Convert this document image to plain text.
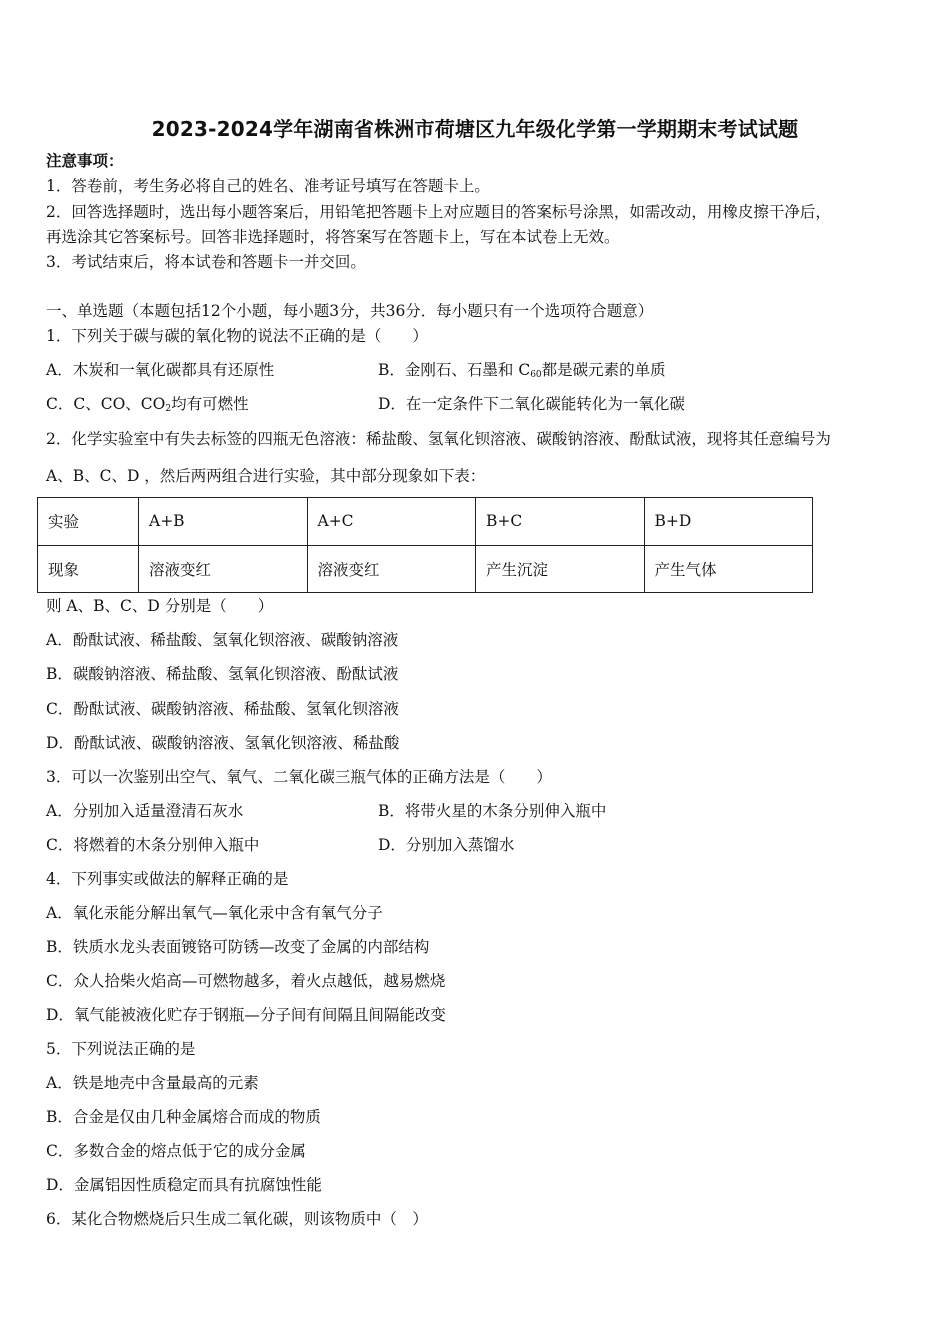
2023-2024学年湖南省株洲市荷塘区九年级化学第一学期期末考试试题
注意事项：
1．答卷前，考生务必将自己的姓名、准考证号填写在答题卡上。
2．回答选择题时，选出每小题答案后，用铅笔把答题卡上对应题目的答案标号涂黑，如需改动，用橡皮擦干净后，
再选涂其它答案标号。回答非选择题时，将答案写在答题卡上，写在本试卷上无效。
3．考试结束后，将本试卷和答题卡一并交回。
一、单选题（本题包括12个小题，每小题3分，共36分．每小题只有一个选项符合题意）
1．下列关于碳与碳的氧化物的说法不正确的是（　　）
A．木炭和一氧化碳都具有还原性	B．金刚石、石墨和 C60都是碳元素的单质
C．C、CO、$CO_2$均有可燃性	D．在一定条件下二氧化碳能转化为一氧化碳
2．化学实验室中有失去标签的四瓶无色溶液：稀盐酸、氢氧化钡溶液、碳酸钠溶液、酚酞试液，现将其任意编号为
A、B、C、D ，然后两两组合进行实验，其中部分现象如下表：
实验	A+B	A+C	B+C	B+D
现象	溶液变红	溶液变红	产生沉淀	产生气体
则 A、B、C、D 分别是（　　）
A．酚酞试液、稀盐酸、氢氧化钡溶液、碳酸钠溶液
B．碳酸钠溶液、稀盐酸、氢氧化钡溶液、酚酞试液
C．酚酞试液、碳酸钠溶液、稀盐酸、氢氧化钡溶液
D．酚酞试液、碳酸钠溶液、氢氧化钡溶液、稀盐酸
3．可以一次鉴别出空气、氧气、二氧化碳三瓶气体的正确方法是（　　）
A．分别加入适量澄清石灰水	B．将带火星的木条分别伸入瓶中
C．将燃着的木条分别伸入瓶中	D．分别加入蒸馏水
4．下列事实或做法的解释正确的是
A．氧化汞能分解出氧气—氧化汞中含有氧气分子
B．铁质水龙头表面镀铬可防锈—改变了金属的内部结构
C．众人拾柴火焰高—可燃物越多，着火点越低，越易燃烧
D．氧气能被液化贮存于钢瓶—分子间有间隔且间隔能改变
5．下列说法正确的是
A．铁是地壳中含量最高的元素
B．合金是仅由几种金属熔合而成的物质
C．多数合金的熔点低于它的成分金属
D．金属铝因性质稳定而具有抗腐蚀性能
6．某化合物燃烧后只生成二氧化碳，则该物质中（　）
